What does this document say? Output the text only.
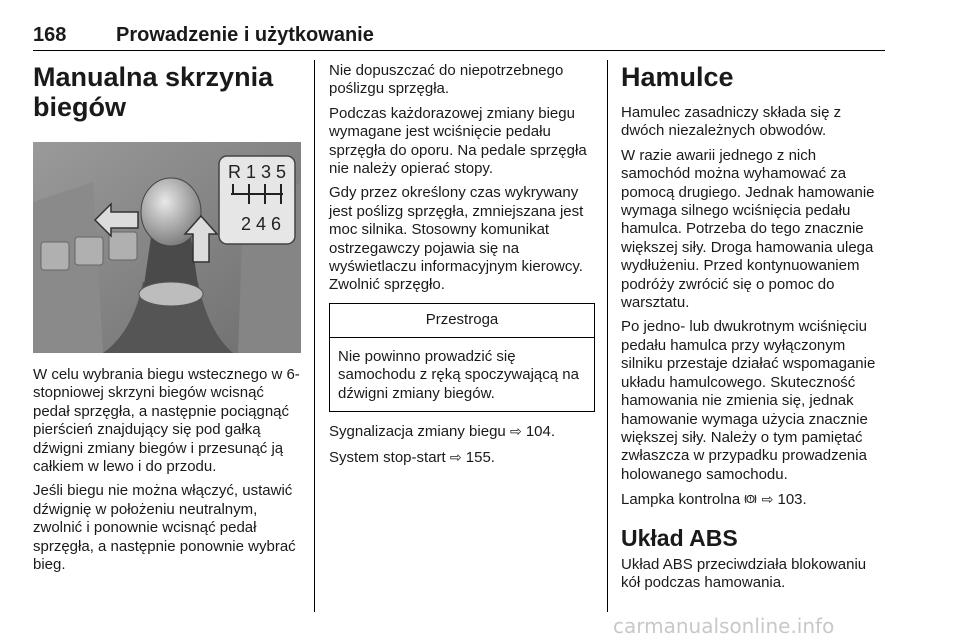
168 Prowadzenie i użytkowanie
Manualna skrzynia biegów
R 1 3 5
2 4 6

W celu wybrania biegu wstecznego w 6-stopniowej skrzyni biegów wcisnąć pedał sprzęgła, a następnie pociągnąć pierścień znajdujący się pod gałką dźwigni zmiany biegów i przesunąć ją całkiem w lewo i do przodu.

Jeśli biegu nie można włączyć, ustawić dźwignię w położeniu neutralnym, zwolnić i ponownie wcisnąć pedał sprzęgła, a następnie ponownie wybrać bieg.

Nie dopuszczać do niepotrzebnego poślizgu sprzęgła.

Podczas każdorazowej zmiany biegu wymagane jest wciśnięcie pedału sprzęgła do oporu. Na pedale sprzęgła nie należy opierać stopy.

Gdy przez określony czas wykrywany jest poślizg sprzęgła, zmniejszana jest moc silnika. Stosowny komunikat ostrzegawczy pojawia się na wyświetlaczu informacyjnym kierowcy. Zwolnić sprzęgło.

Przestroga

Nie powinno prowadzić się samochodu z ręką spoczywającą na dźwigni zmiany biegów.

Sygnalizacja zmiany biegu ⇨ 104.

System stop-start ⇨ 155.

Hamulce

Hamulec zasadniczy składa się z dwóch niezależnych obwodów.

W razie awarii jednego z nich samochód można wyhamować za pomocą drugiego. Jednak hamowanie wymaga silnego wciśnięcia pedału hamulca. Potrzeba do tego znacznie większej siły. Droga hamowania ulega wydłużeniu. Przed kontynuowaniem podróży zwrócić się o pomoc do warsztatu.

Po jedno- lub dwukrotnym wciśnięciu pedału hamulca przy wyłączonym silniku przestaje działać wspomaganie układu hamulcowego. Skuteczność hamowania nie zmienia się, jednak hamowanie wymaga użycia znacznie większej siły. Należy o tym pamiętać zwłaszcza w przypadku prowadzenia holowanego samochodu.

Lampka kontrolna ⇨ 103.

Układ ABS

Układ ABS przeciwdziała blokowaniu kół podczas hamowania.

carmanualsonline.info
